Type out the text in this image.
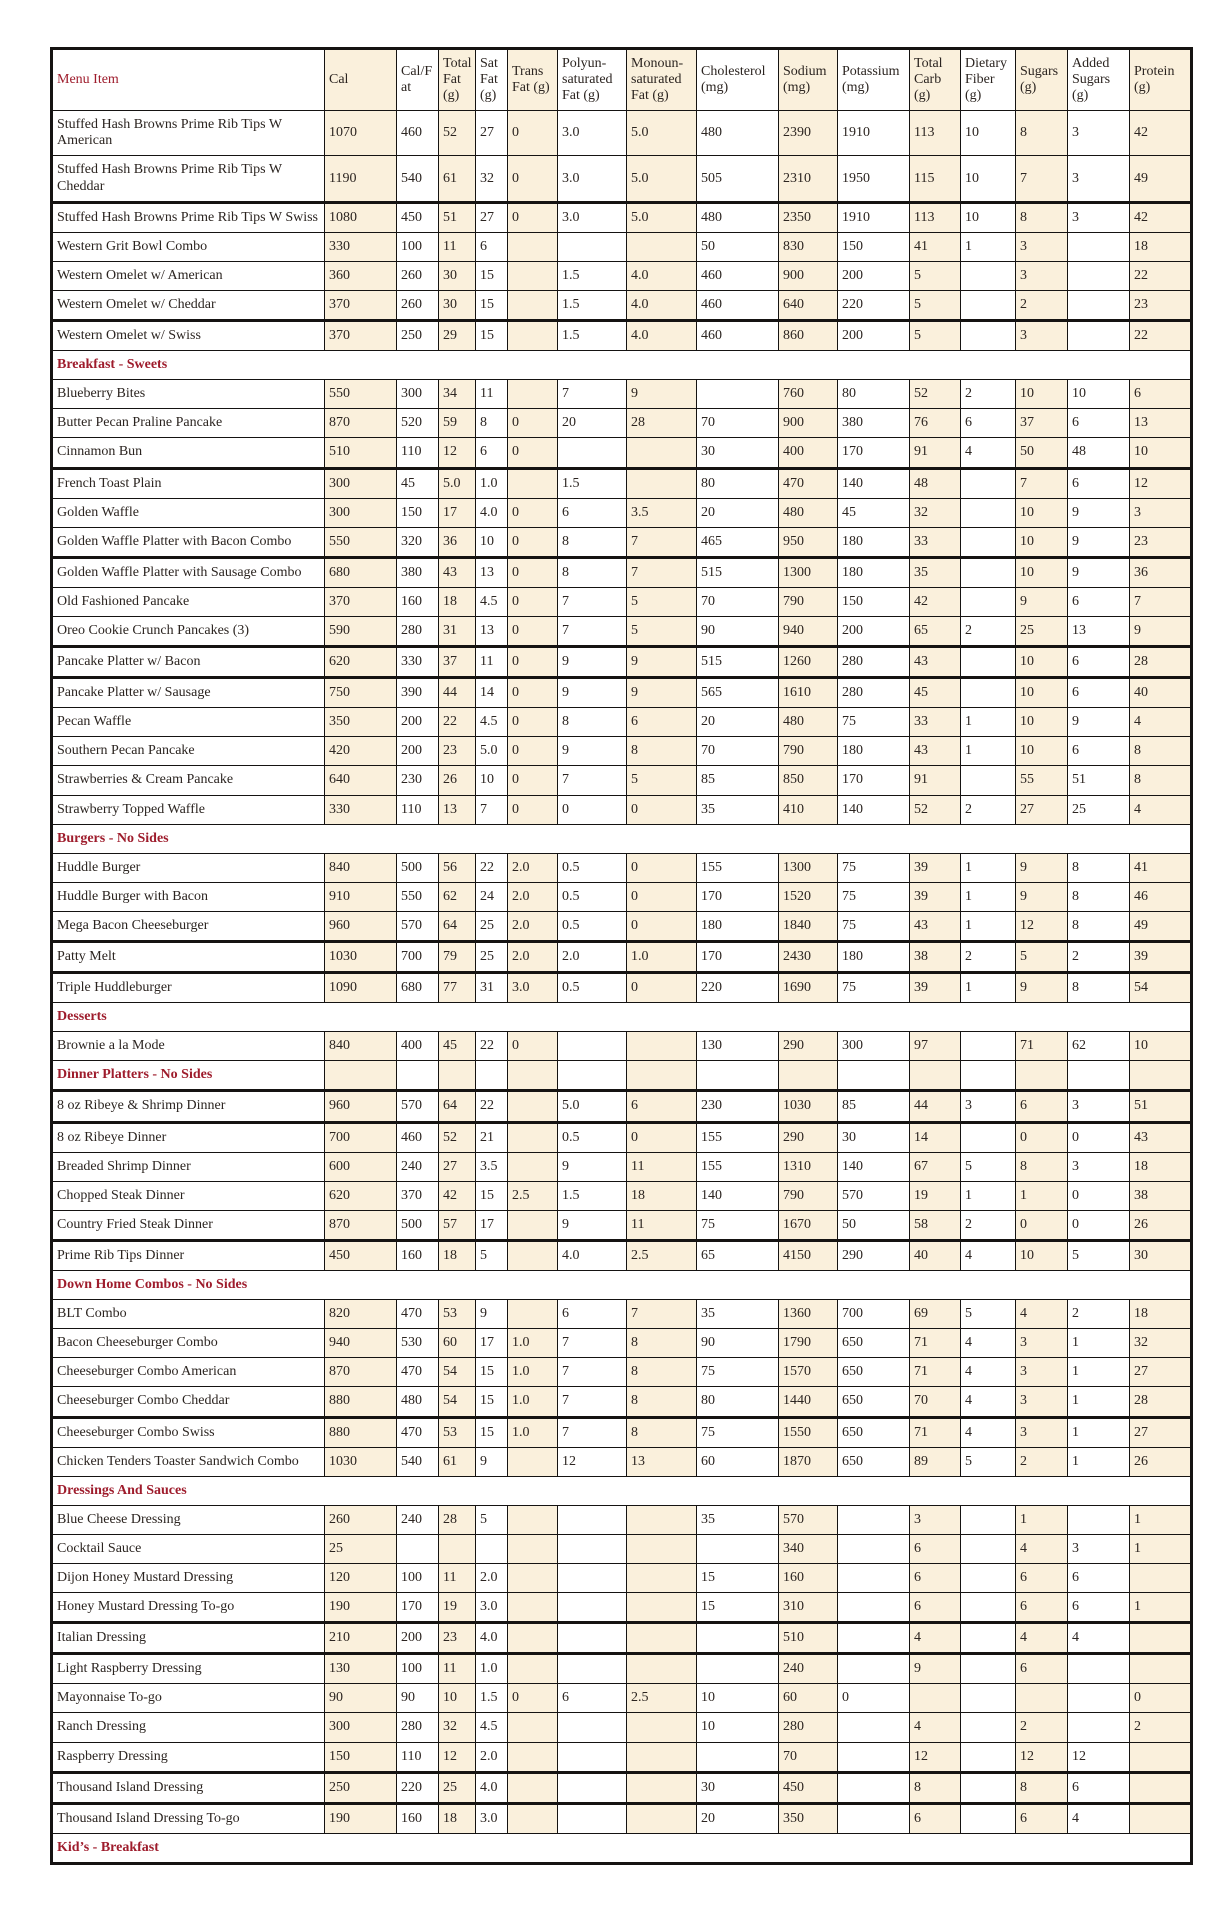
Menu Item	Cal	Cal/Fat	Total Fat (g)	Sat Fat (g)	Trans Fat (g)	Polyun-saturated Fat (g)	Monoun-saturated Fat (g)	Cholesterol (mg)	Sodium (mg)	Potassium (mg)	Total Carb (g)	Dietary Fiber (g)	Sugars (g)	Added Sugars (g)	Protein (g)
Stuffed Hash Browns Prime Rib Tips W American	1070	460	52	27	0	3.0	5.0	480	2390	1910	113	10	8	3	42
Stuffed Hash Browns Prime Rib Tips W Cheddar	1190	540	61	32	0	3.0	5.0	505	2310	1950	115	10	7	3	49
Stuffed Hash Browns Prime Rib Tips W Swiss	1080	450	51	27	0	3.0	5.0	480	2350	1910	113	10	8	3	42
Western Grit Bowl Combo	330	100	11	6				50	830	150	41	1	3		18
Western Omelet w/ American	360	260	30	15		1.5	4.0	460	900	200	5		3		22
Western Omelet w/ Cheddar	370	260	30	15		1.5	4.0	460	640	220	5		2		23
Western Omelet w/ Swiss	370	250	29	15		1.5	4.0	460	860	200	5		3		22
Breakfast - Sweets															
Blueberry Bites	550	300	34	11		7	9		760	80	52	2	10	10	6
Butter Pecan Praline Pancake	870	520	59	8	0	20	28	70	900	380	76	6	37	6	13
Cinnamon Bun	510	110	12	6	0			30	400	170	91	4	50	48	10
French Toast Plain	300	45	5.0	1.0		1.5		80	470	140	48		7	6	12
Golden Waffle	300	150	17	4.0	0	6	3.5	20	480	45	32		10	9	3
Golden Waffle Platter with Bacon Combo	550	320	36	10	0	8	7	465	950	180	33		10	9	23
Golden Waffle Platter with Sausage Combo	680	380	43	13	0	8	7	515	1300	180	35		10	9	36
Old Fashioned Pancake	370	160	18	4.5	0	7	5	70	790	150	42		9	6	7
Oreo Cookie Crunch Pancakes (3)	590	280	31	13	0	7	5	90	940	200	65	2	25	13	9
Pancake Platter w/ Bacon	620	330	37	11	0	9	9	515	1260	280	43		10	6	28
Pancake Platter w/ Sausage	750	390	44	14	0	9	9	565	1610	280	45		10	6	40
Pecan Waffle	350	200	22	4.5	0	8	6	20	480	75	33	1	10	9	4
Southern Pecan Pancake	420	200	23	5.0	0	9	8	70	790	180	43	1	10	6	8
Strawberries & Cream Pancake	640	230	26	10	0	7	5	85	850	170	91		55	51	8
Strawberry Topped Waffle	330	110	13	7	0	0	0	35	410	140	52	2	27	25	4
Burgers - No Sides															
Huddle Burger	840	500	56	22	2.0	0.5	0	155	1300	75	39	1	9	8	41
Huddle Burger with Bacon	910	550	62	24	2.0	0.5	0	170	1520	75	39	1	9	8	46
Mega Bacon Cheeseburger	960	570	64	25	2.0	0.5	0	180	1840	75	43	1	12	8	49
Patty Melt	1030	700	79	25	2.0	2.0	1.0	170	2430	180	38	2	5	2	39
Triple Huddleburger	1090	680	77	31	3.0	0.5	0	220	1690	75	39	1	9	8	54
Desserts															
Brownie a la Mode	840	400	45	22	0			130	290	300	97		71	62	10
Dinner Platters - No Sides															
8 oz Ribeye & Shrimp Dinner	960	570	64	22		5.0	6	230	1030	85	44	3	6	3	51
8 oz Ribeye Dinner	700	460	52	21		0.5	0	155	290	30	14		0	0	43
Breaded Shrimp Dinner	600	240	27	3.5		9	11	155	1310	140	67	5	8	3	18
Chopped Steak Dinner	620	370	42	15	2.5	1.5	18	140	790	570	19	1	1	0	38
Country Fried Steak Dinner	870	500	57	17		9	11	75	1670	50	58	2	0	0	26
Prime Rib Tips Dinner	450	160	18	5		4.0	2.5	65	4150	290	40	4	10	5	30
Down Home Combos - No Sides															
BLT Combo	820	470	53	9		6	7	35	1360	700	69	5	4	2	18
Bacon Cheeseburger Combo	940	530	60	17	1.0	7	8	90	1790	650	71	4	3	1	32
Cheeseburger Combo American	870	470	54	15	1.0	7	8	75	1570	650	71	4	3	1	27
Cheeseburger Combo Cheddar	880	480	54	15	1.0	7	8	80	1440	650	70	4	3	1	28
Cheeseburger Combo Swiss	880	470	53	15	1.0	7	8	75	1550	650	71	4	3	1	27
Chicken Tenders Toaster Sandwich Combo	1030	540	61	9		12	13	60	1870	650	89	5	2	1	26
Dressings And Sauces															
Blue Cheese Dressing	260	240	28	5				35	570		3		1		1
Cocktail Sauce	25								340		6		4	3	1
Dijon Honey Mustard Dressing	120	100	11	2.0				15	160		6		6	6	
Honey Mustard Dressing To-go	190	170	19	3.0				15	310		6		6	6	1
Italian Dressing	210	200	23	4.0					510		4		4	4	
Light Raspberry Dressing	130	100	11	1.0					240		9		6		
Mayonnaise To-go	90	90	10	1.5	0	6	2.5	10	60	0					0
Ranch Dressing	300	280	32	4.5				10	280		4		2		2
Raspberry Dressing	150	110	12	2.0					70		12		12	12	
Thousand Island Dressing	250	220	25	4.0				30	450		8		8	6	
Thousand Island Dressing To-go	190	160	18	3.0				20	350		6		6	4	
Kid’s - Breakfast															
